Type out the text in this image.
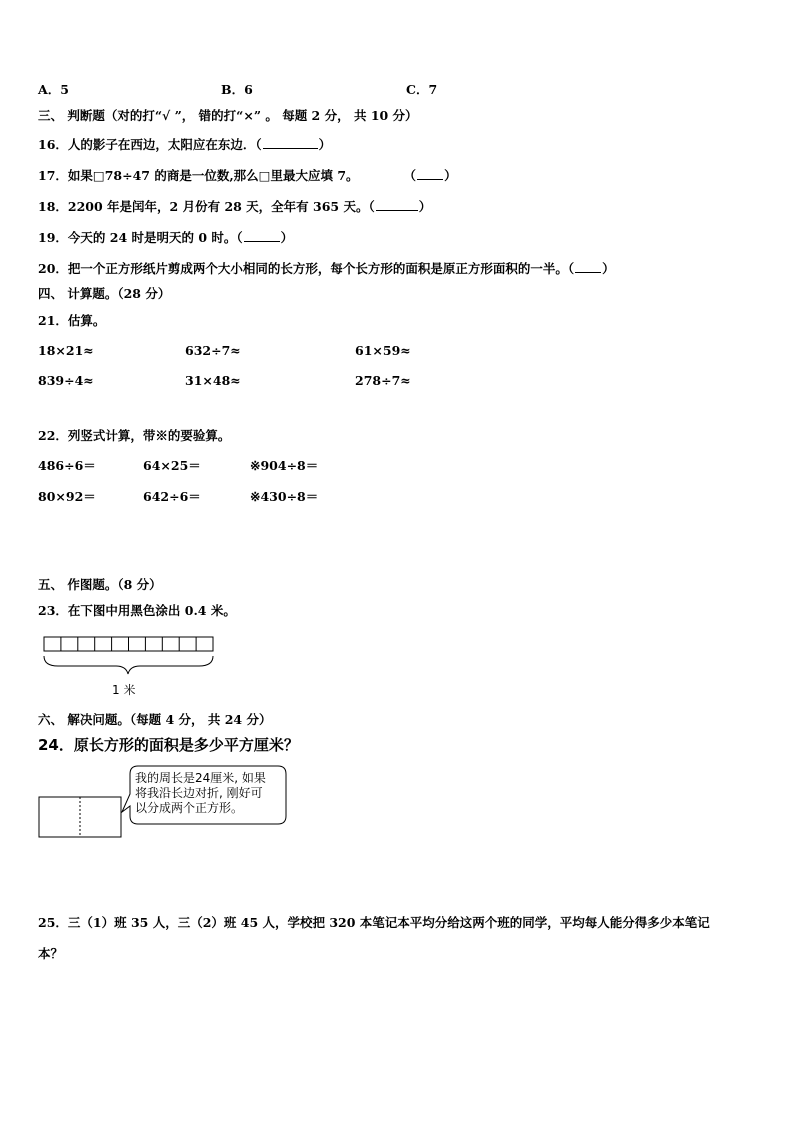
A．5	B．6	C．7
三、 判断题（对的打“√ ”， 错的打“×” 。 每题 2 分， 共 10 分）
16．人的影子在西边，太阳应在东边．（	）
17．如果□78÷47 的商是一位数,那么□里最大应填 7。	（ ）
18．2200 年是闰年，2 月份有 28 天，全年有 365 天。（	）
19．今天的 24 时是明天的 0 时。（	）
20．把一个正方形纸片剪成两个大小相同的长方形，每个长方形的面积是原正方形面积的一半。（ ）
四、 计算题。（28 分）
21．估算。
18×21≈	632÷7≈	61×59≈
839÷4≈	31×48≈	278÷7≈
22．列竖式计算，带※的要验算。
486÷6＝	64×25＝	※904÷8＝
80×92＝	642÷6＝	※430÷8＝
五、 作图题。（8 分）
23．在下图中用黑色涂出 0.4 米。
1 米
六、 解决问题。（每题 4 分， 共 24 分）
24．原长方形的面积是多少平方厘米？
我的周长是24厘米, 如果
将我沿长边对折, 刚好可
以分成两个正方形。
25．三（1）班 35 人，三（2）班 45 人，学校把 320 本笔记本平均分给这两个班的同学，平均每人能分得多少本笔记
本？
